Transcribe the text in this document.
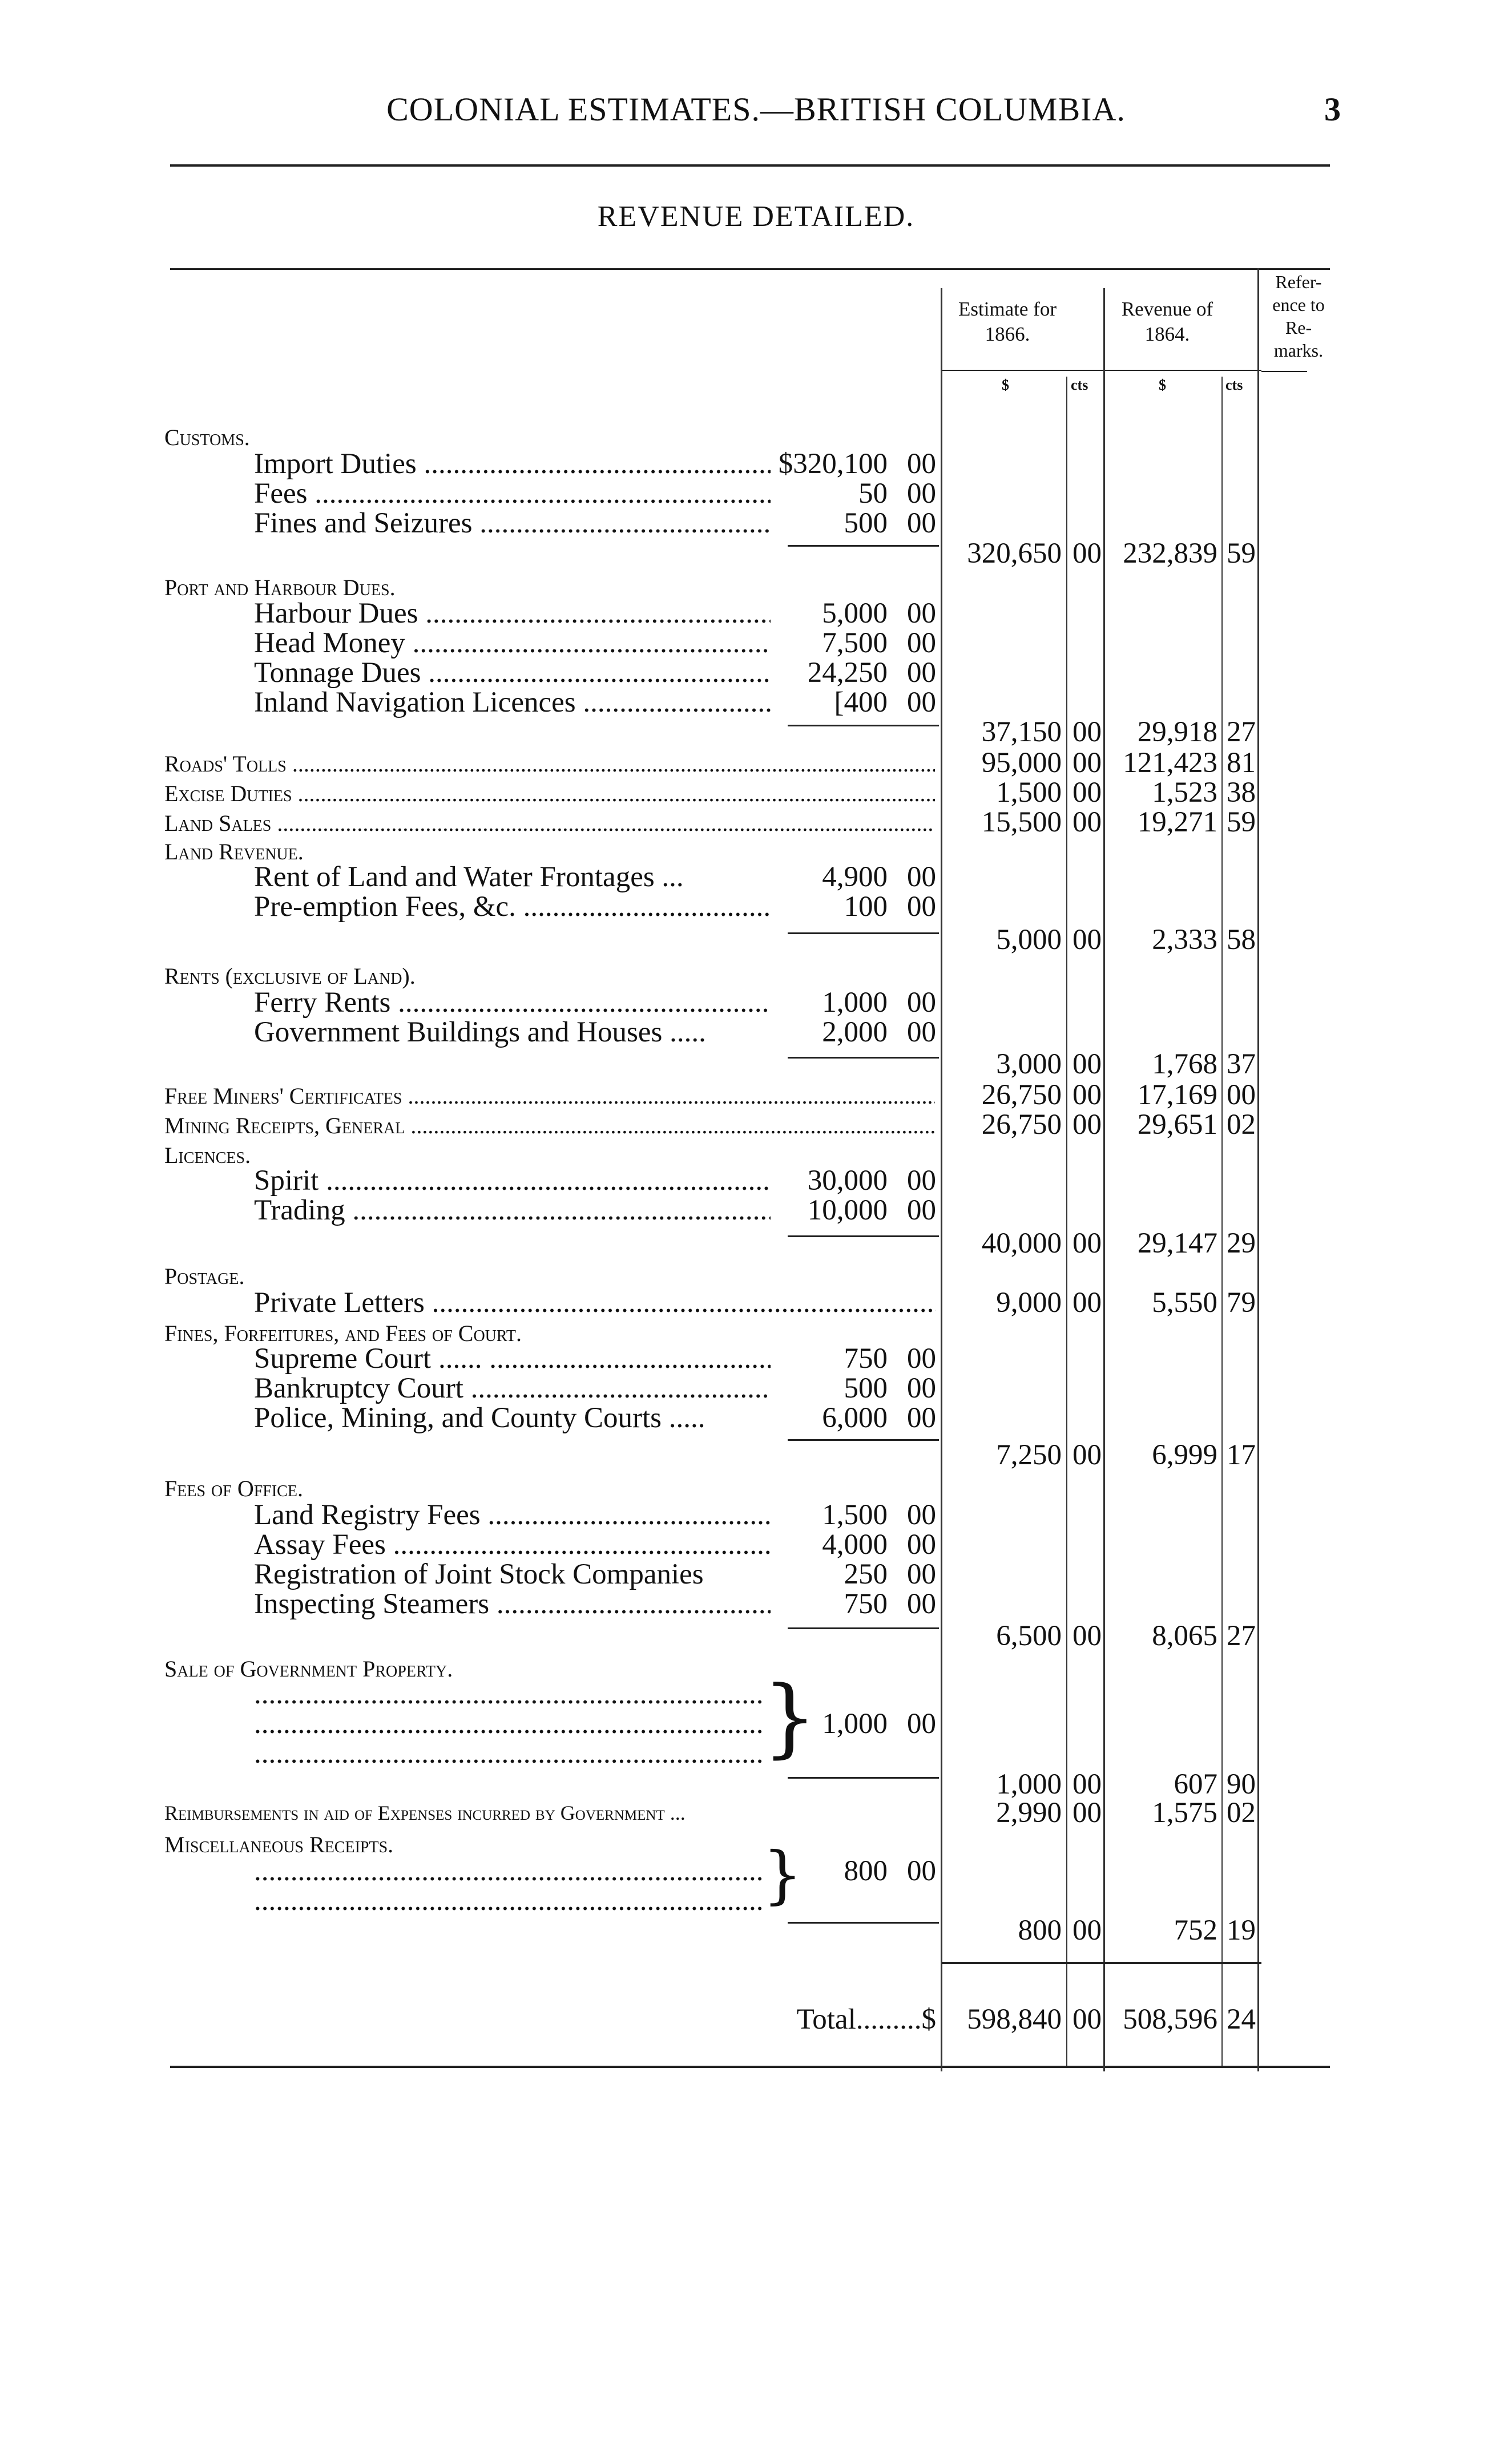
COLONIAL ESTIMATES.—BRITISH COLUMBIA.	3
REVENUE DETAILED.
Estimate for 1866.
Revenue of 1864.
Refer-ence to Re-marks.
$	cts	$	cts
Customs.
Import Duties .....	$320,100 00
Fees .....	50 00
Fines and Seizures .....	500 00
320,650 00 232,839 59
Port and Harbour Dues.
Harbour Dues .....	5,000 00
Head Money .....	7,500 00
Tonnage Dues .....	24,250 00
Inland Navigation Licences .....	[400 00
37,150 00	29,918 27
Roads' Tolls .....	95,000 00 121,423 81
Excise Duties .....	1,500 00	1,523 38
Land Sales .....	15,500 00	19,271 59
Land Revenue.
Rent of Land and Water Frontages ...	4,900 00
Pre-emption Fees, &c. .....	100 00
5,000 00	2,333 58
Rents (exclusive of Land).
Ferry Rents .....	1,000 00
Government Buildings and Houses .....	2,000 00
3,000 00	1,768 37
Free Miners' Certificates .....	26,750 00	17,169 00
Mining Receipts, General .....	26,750 00	29,651 02
Licences.
Spirit .....	30,000 00
Trading .....	10,000 00
40,000 00	29,147 29
Postage.
Private Letters .....	9,000 00	5,550 79
Fines, Forfeitures, and Fees of Court.
Supreme Court ...... .....	750 00
Bankruptcy Court .....	500 00
Police, Mining, and County Courts .....	6,000 00
7,250 00	6,999 17
Fees of Office.
Land Registry Fees .....	1,500 00
Assay Fees .....	4,000 00
Registration of Joint Stock Companies	250 00
Inspecting Steamers .....	750 00
6,500 00	8,065 27
Sale of Government Property. ..... ..... .....	} 1,000 00
1,000 00	607 90
Reimbursements in aid of Expenses incurred by Government ...	2,990 00	1,575 02
Miscellaneous Receipts. ..... .....	}	800 00
800 00	752 19
Total.........$	598,840 00 508,596 24
